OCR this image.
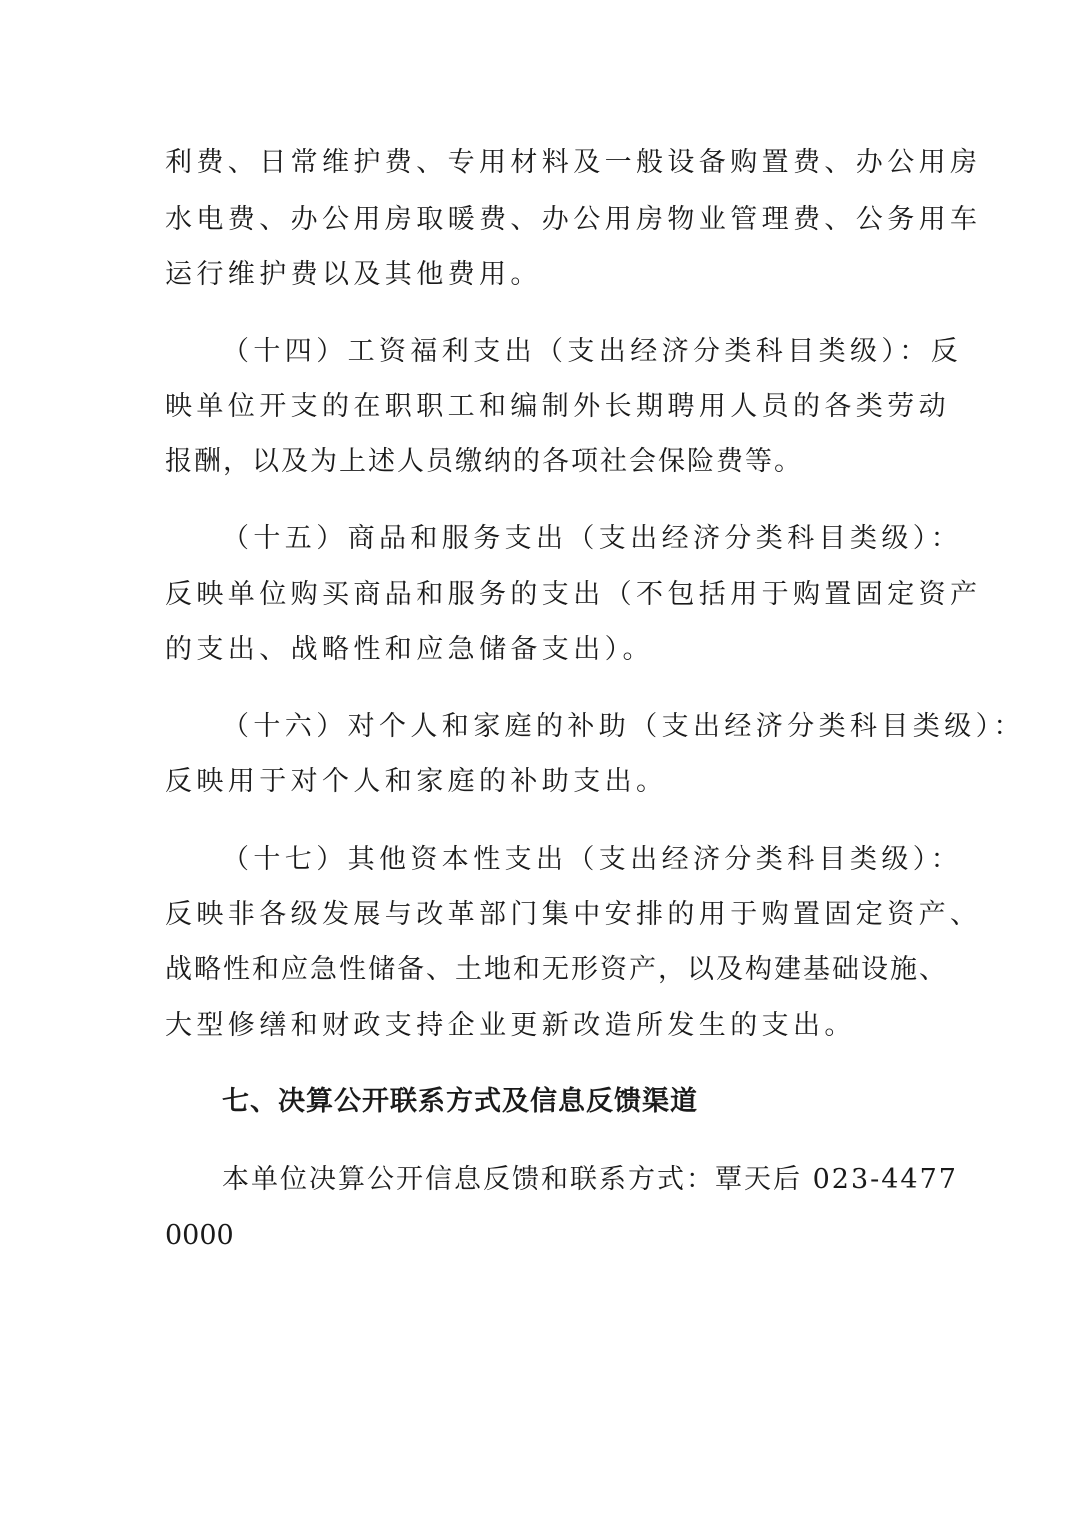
利费、日常维护费、专用材料及一般设备购置费、办公用房
水电费、办公用房取暖费、办公用房物业管理费、公务用车
运行维护费以及其他费用。
（十四）工资福利支出（支出经济分类科目类级）：反
映单位开支的在职职工和编制外长期聘用人员的各类劳动
报酬，以及为上述人员缴纳的各项社会保险费等。
（十五）商品和服务支出（支出经济分类科目类级）：
反映单位购买商品和服务的支出（不包括用于购置固定资产
的支出、战略性和应急储备支出）。
（十六）对个人和家庭的补助（支出经济分类科目类级）：
反映用于对个人和家庭的补助支出。
（十七）其他资本性支出（支出经济分类科目类级）：
反映非各级发展与改革部门集中安排的用于购置固定资产、
战略性和应急性储备、土地和无形资产，以及构建基础设施、
大型修缮和财政支持企业更新改造所发生的支出。
七、决算公开联系方式及信息反馈渠道
本单位决算公开信息反馈和联系方式：覃天后 023-4477
0000
